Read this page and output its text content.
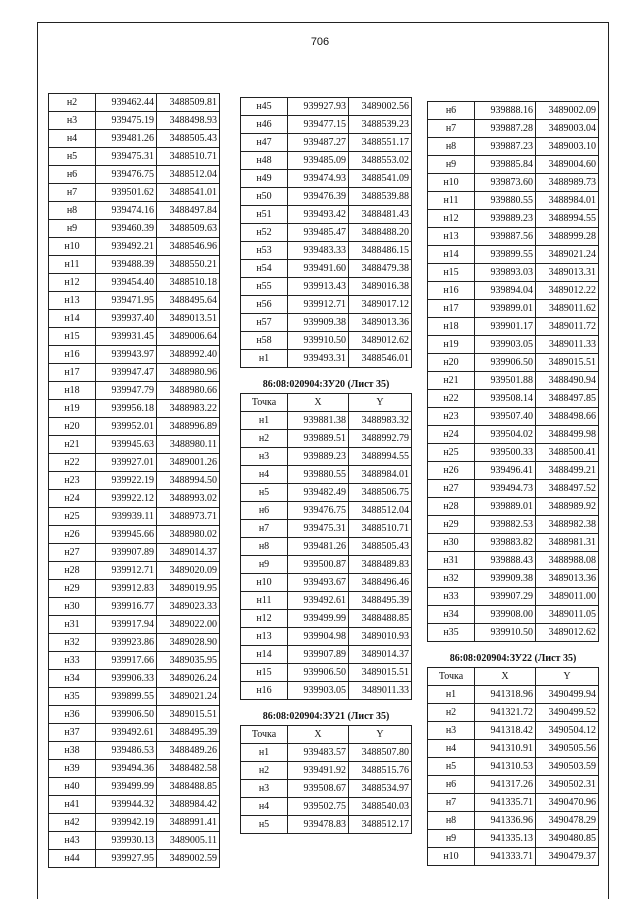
706
н2	939462.44	3488509.81
н3	939475.19	3488498.93
н4	939481.26	3488505.43
н5	939475.31	3488510.71
н6	939476.75	3488512.04
н7	939501.62	3488541.01
н8	939474.16	3488497.84
н9	939460.39	3488509.63
н10	939492.21	3488546.96
н11	939488.39	3488550.21
н12	939454.40	3488510.18
н13	939471.95	3488495.64
н14	939937.40	3489013.51
н15	939931.45	3489006.64
н16	939943.97	3488992.40
н17	939947.47	3488980.96
н18	939947.79	3488980.66
н19	939956.18	3488983.22
н20	939952.01	3488996.89
н21	939945.63	3488980.11
н22	939927.01	3489001.26
н23	939922.19	3488994.50
н24	939922.12	3488993.02
н25	939939.11	3488973.71
н26	939945.66	3488980.02
н27	939907.89	3489014.37
н28	939912.71	3489020.09
н29	939912.83	3489019.95
н30	939916.77	3489023.33
н31	939917.94	3489022.00
н32	939923.86	3489028.90
н33	939917.66	3489035.95
н34	939906.33	3489026.24
н35	939899.55	3489021.24
н36	939906.50	3489015.51
н37	939492.61	3488495.39
н38	939486.53	3488489.26
н39	939494.36	3488482.58
н40	939499.99	3488488.85
н41	939944.32	3488984.42
н42	939942.19	3488991.41
н43	939930.13	3489005.11
н44	939927.95	3489002.59
н45	939927.93	3489002.56
н46	939477.15	3488539.23
н47	939487.27	3488551.17
н48	939485.09	3488553.02
н49	939474.93	3488541.09
н50	939476.39	3488539.88
н51	939493.42	3488481.43
н52	939485.47	3488488.20
н53	939483.33	3488486.15
н54	939491.60	3488479.38
н55	939913.43	3489016.38
н56	939912.71	3489017.12
н57	939909.38	3489013.36
н58	939910.50	3489012.62
н1	939493.31	3488546.01
86:08:020904:ЗУ20 (Лист 35)
Точка	X	Y
н1	939881.38	3488983.32
н2	939889.51	3488992.79
н3	939889.23	3488994.55
н4	939880.55	3488984.01
н5	939482.49	3488506.75
н6	939476.75	3488512.04
н7	939475.31	3488510.71
н8	939481.26	3488505.43
н9	939500.87	3488489.83
н10	939493.67	3488496.46
н11	939492.61	3488495.39
н12	939499.99	3488488.85
н13	939904.98	3489010.93
н14	939907.89	3489014.37
н15	939906.50	3489015.51
н16	939903.05	3489011.33
86:08:020904:ЗУ21 (Лист 35)
Точка	X	Y
н1	939483.57	3488507.80
н2	939491.92	3488515.76
н3	939508.67	3488534.97
н4	939502.75	3488540.03
н5	939478.83	3488512.17
н6	939888.16	3489002.09
н7	939887.28	3489003.04
н8	939887.23	3489003.10
н9	939885.84	3489004.60
н10	939873.60	3488989.73
н11	939880.55	3488984.01
н12	939889.23	3488994.55
н13	939887.56	3488999.28
н14	939899.55	3489021.24
н15	939893.03	3489013.31
н16	939894.04	3489012.22
н17	939899.01	3489011.62
н18	939901.17	3489011.72
н19	939903.05	3489011.33
н20	939906.50	3489015.51
н21	939501.88	3488490.94
н22	939508.14	3488497.85
н23	939507.40	3488498.66
н24	939504.02	3488499.98
н25	939500.33	3488500.41
н26	939496.41	3488499.21
н27	939494.73	3488497.52
н28	939889.01	3488989.92
н29	939882.53	3488982.38
н30	939883.82	3488981.31
н31	939888.43	3488988.08
н32	939909.38	3489013.36
н33	939907.29	3489011.00
н34	939908.00	3489011.05
н35	939910.50	3489012.62
86:08:020904:ЗУ22 (Лист 35)
Точка	X	Y
н1	941318.96	3490499.94
н2	941321.72	3490499.52
н3	941318.42	3490504.12
н4	941310.91	3490505.56
н5	941310.53	3490503.59
н6	941317.26	3490502.31
н7	941335.71	3490470.96
н8	941336.96	3490478.29
н9	941335.13	3490480.85
н10	941333.71	3490479.37
